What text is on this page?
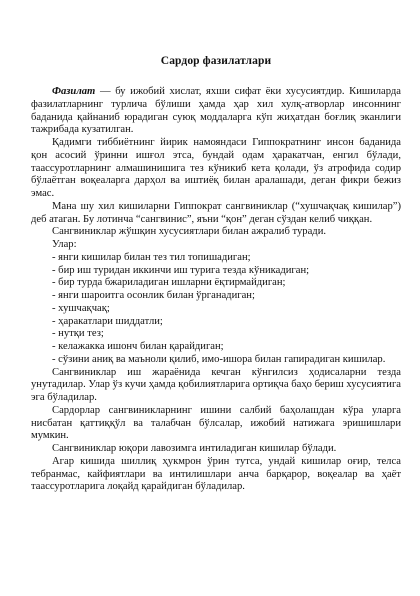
Сардор фазилатлари

Фазилат — бу ижобий хислат, яхши сифат ёки хусусиятдир. Кишиларда фазилатларнинг турлича бўлиши ҳамда ҳар хил хулқ-атворлар инсоннинг баданида қайнаниб юрадиган суюқ моддаларга кўп жиҳатдан боғлиқ эканлиги тажрибада кузатилган.

Қадимги тиббиётнинг йирик намояндаси Гиппократнинг инсон баданида қон асосий ўринни ишғол этса, бундай одам ҳаракатчан, енгил бўлади, таассуротларнинг алмашинишига тез кўникиб кета қолади, ўз атрофида содир бўлаётган воқеаларга дарҳол ва иштиёқ билан аралашади, деган фикри бежиз эмас.

Мана шу хил кишиларни Гиппократ сангвиниклар (“хушчақчақ кишилар”) деб атаган. Бу лотинча “сангвинис”, яъни “қон” деган сўздан келиб чиққан.

Сангвиниклар жўшқин хусусиятлари билан ажралиб туради.

Улар:

- янги кишилар билан тез тил топишадиган;

- бир иш туридан иккинчи иш турига тезда кўникадиган;

- бир турда бжариладиган ишларни ёқтирмайдиган;

- янги шароитга осонлик билан ўрганадиган;

- хушчақчақ;

- ҳаракатлари шиддатли;

- нутқи тез;

- келажакка ишонч билан қарайдиган;

- сўзини аниқ ва маъноли қилиб, имо-ишора билан гапирадиган кишилар.

Сангвиниклар иш жараёнида кечган кўнгилсиз ҳодисаларни тезда унутадилар. Улар ўз кучи ҳамда қобилиятларига ортиқча баҳо бериш хусусиятига эга бўладилар.

Сардорлар сангвиникларнинг ишини салбий баҳолашдан кўра уларга нисбатан қаттиққўл ва талабчан бўлсалар, ижобий натижага эришишлари мумкин.

Сангвиниклар юқори лавозимга интиладиган кишилар бўлади.

Агар кишида шиллиқ ҳукмрон ўрин тутса, ундай кишилар оғир, телса тебранмас, кайфиятлари ва интилишлари анча барқарор, воқеалар ва ҳаёт таассуротларига лоқайд қарайдиган бўладилар.
